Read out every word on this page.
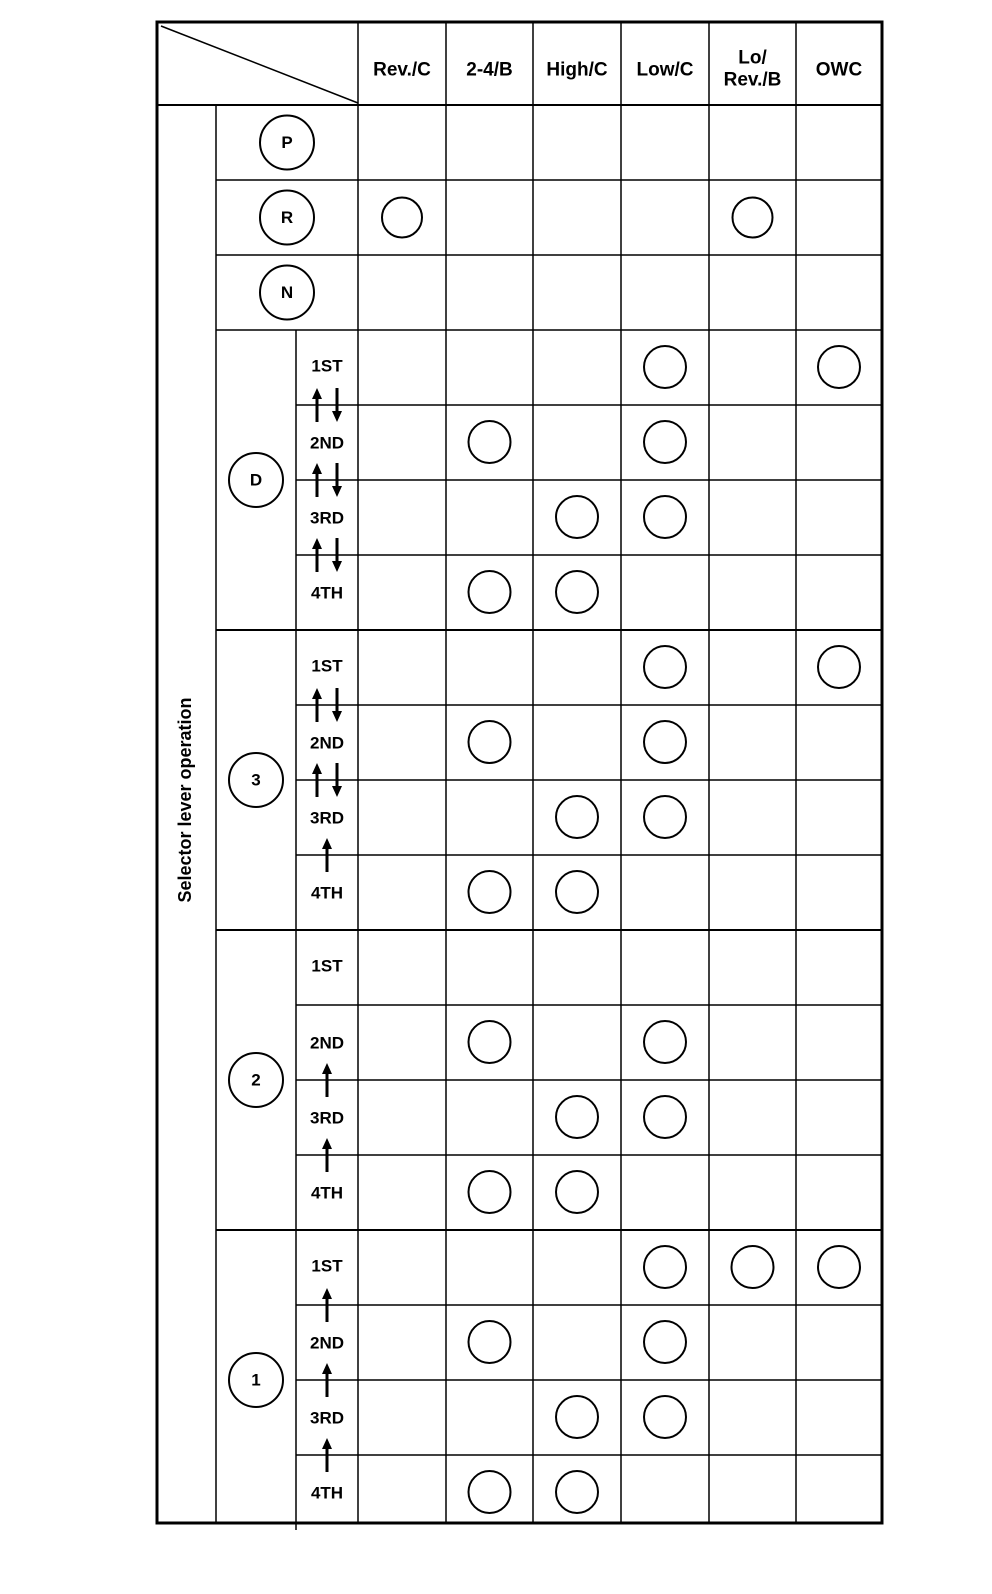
Rev./C 2-4/B High/C Low/C
Lo/
Rev./B OWC
Selector lever operation
P
R
N
D
1ST
2ND
3RD
4TH
3
1ST
2ND
3RD
4TH
2
1ST
2ND
3RD
4TH
1
1ST
2ND
3RD
4TH
